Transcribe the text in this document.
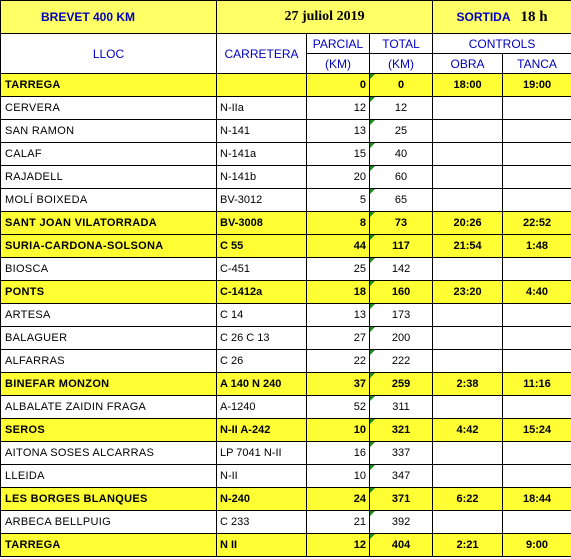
BREVET 400 KM	27 juliol 2019			SORTIDA 18 h	
LLOC	CARRETERA	PARCIAL	TOTAL	CONTROLS	
		(KM)	(KM)	OBRA	TANCA
TARREGA		0	0	18:00	19:00
CERVERA	N-IIa	12	12		
SAN RAMON	N-141	13	25		
CALAF	N-141a	15	40		
RAJADELL	N-141b	20	60		
MOLÍ BOIXEDA	BV-3012	5	65		
SANT JOAN VILATORRADA	BV-3008	8	73	20:26	22:52
SURIA-CARDONA-SOLSONA	C 55	44	117	21:54	1:48
BIOSCA	C-451	25	142		
PONTS	C-1412a	18	160	23:20	4:40
ARTESA	C 14	13	173		
BALAGUER	C 26 C 13	27	200		
ALFARRAS	C 26	22	222		
BINEFAR MONZON	A 140 N 240	37	259	2:38	11:16
ALBALATE ZAIDIN FRAGA	A-1240	52	311		
SEROS	N-II A-242	10	321	4:42	15:24
AITONA SOSES ALCARRAS	LP 7041 N-II	16	337		
LLEIDA	N-II	10	347		
LES BORGES BLANQUES	N-240	24	371	6:22	18:44
ARBECA BELLPUIG	C 233	21	392		
TARREGA	N II	12	404	2:21	9:00
